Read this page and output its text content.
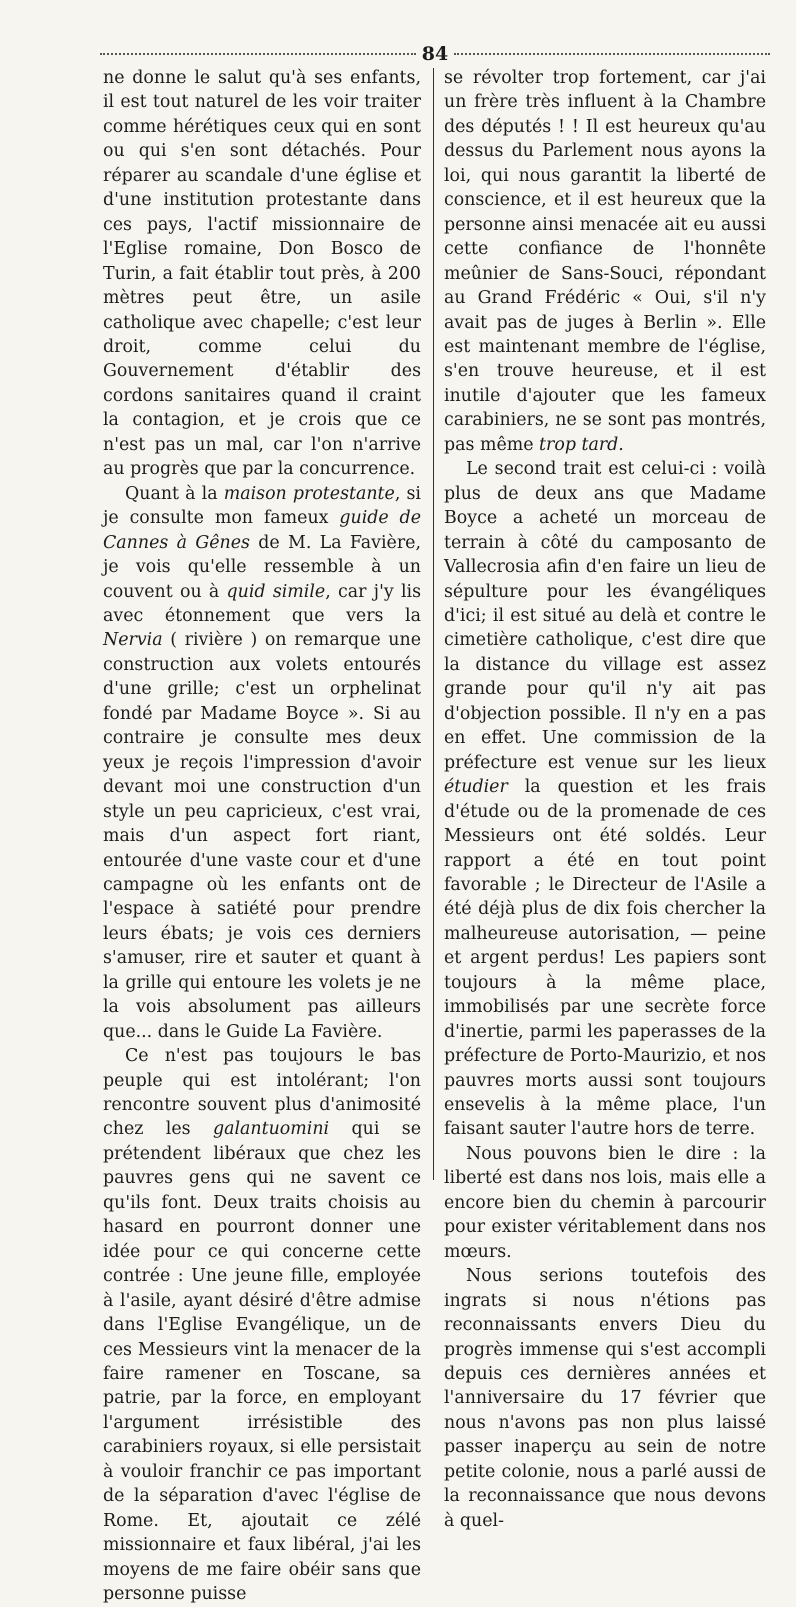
84

ne donne le salut qu'à ses enfants, il est tout naturel de les voir traiter comme hérétiques ceux qui en sont ou qui s'en sont détachés. Pour réparer au scandale d'une église et d'une institution protestante dans ces pays, l'actif missionnaire de l'Eglise romaine, Don Bosco de Turin, a fait établir tout près, à 200 mètres peut être, un asile catholique avec chapelle; c'est leur droit, comme celui du Gouvernement d'établir des cordons sanitaires quand il craint la contagion, et je crois que ce n'est pas un mal, car l'on n'arrive au progrès que par la concurrence.

Quant à la maison protestante, si je consulte mon fameux guide de Cannes à Gênes de M. La Favière, je vois qu'elle ressemble à un couvent ou à quid simile, car j'y lis avec étonnement que vers la Nervia ( rivière ) on remarque une construction aux volets entourés d'une grille; c'est un orphelinat fondé par Madame Boyce ». Si au contraire je consulte mes deux yeux je reçois l'impression d'avoir devant moi une construction d'un style un peu capricieux, c'est vrai, mais d'un aspect fort riant, entourée d'une vaste cour et d'une campagne où les enfants ont de l'espace à satiété pour prendre leurs ébats; je vois ces derniers s'amuser, rire et sauter et quant à la grille qui entoure les volets je ne la vois absolument pas ailleurs que... dans le Guide La Favière.

Ce n'est pas toujours le bas peuple qui est intolérant; l'on rencontre souvent plus d'animosité chez les galantuomini qui se prétendent libéraux que chez les pauvres gens qui ne savent ce qu'ils font. Deux traits choisis au hasard en pourront donner une idée pour ce qui concerne cette contrée : Une jeune fille, employée à l'asile, ayant désiré d'être admise dans l'Eglise Evangélique, un de ces Messieurs vint la menacer de la faire ramener en Toscane, sa patrie, par la force, en employant l'argument irrésistible des carabiniers royaux, si elle persistait à vouloir franchir ce pas important de la séparation d'avec l'église de Rome. Et, ajoutait ce zélé missionnaire et faux libéral, j'ai les moyens de me faire obéir sans que personne puisse

se révolter trop fortement, car j'ai un frère très influent à la Chambre des députés ! ! Il est heureux qu'au dessus du Parlement nous ayons la loi, qui nous garantit la liberté de conscience, et il est heureux que la personne ainsi menacée ait eu aussi cette confiance de l'honnête meûnier de Sans-Souci, répondant au Grand Frédéric « Oui, s'il n'y avait pas de juges à Berlin ». Elle est maintenant membre de l'église, s'en trouve heureuse, et il est inutile d'ajouter que les fameux carabiniers, ne se sont pas montrés, pas même trop tard.

Le second trait est celui-ci : voilà plus de deux ans que Madame Boyce a acheté un morceau de terrain à côté du camposanto de Vallecrosia afin d'en faire un lieu de sépulture pour les évangéliques d'ici; il est situé au delà et contre le cimetière catholique, c'est dire que la distance du village est assez grande pour qu'il n'y ait pas d'objection possible. Il n'y en a pas en effet. Une commission de la préfecture est venue sur les lieux étudier la question et les frais d'étude ou de la promenade de ces Messieurs ont été soldés. Leur rapport a été en tout point favorable ; le Directeur de l'Asile a été déjà plus de dix fois chercher la malheureuse autorisation, — peine et argent perdus! Les papiers sont toujours à la même place, immobilisés par une secrète force d'inertie, parmi les paperasses de la préfecture de Porto-Maurizio, et nos pauvres morts aussi sont toujours ensevelis à la même place, l'un faisant sauter l'autre hors de terre.

Nous pouvons bien le dire : la liberté est dans nos lois, mais elle a encore bien du chemin à parcourir pour exister véritablement dans nos mœurs.

Nous serions toutefois des ingrats si nous n'étions pas reconnaissants envers Dieu du progrès immense qui s'est accompli depuis ces dernières années et l'anniversaire du 17 février que nous n'avons pas non plus laissé passer inaperçu au sein de notre petite colonie, nous a parlé aussi de la reconnaissance que nous devons à quel-
